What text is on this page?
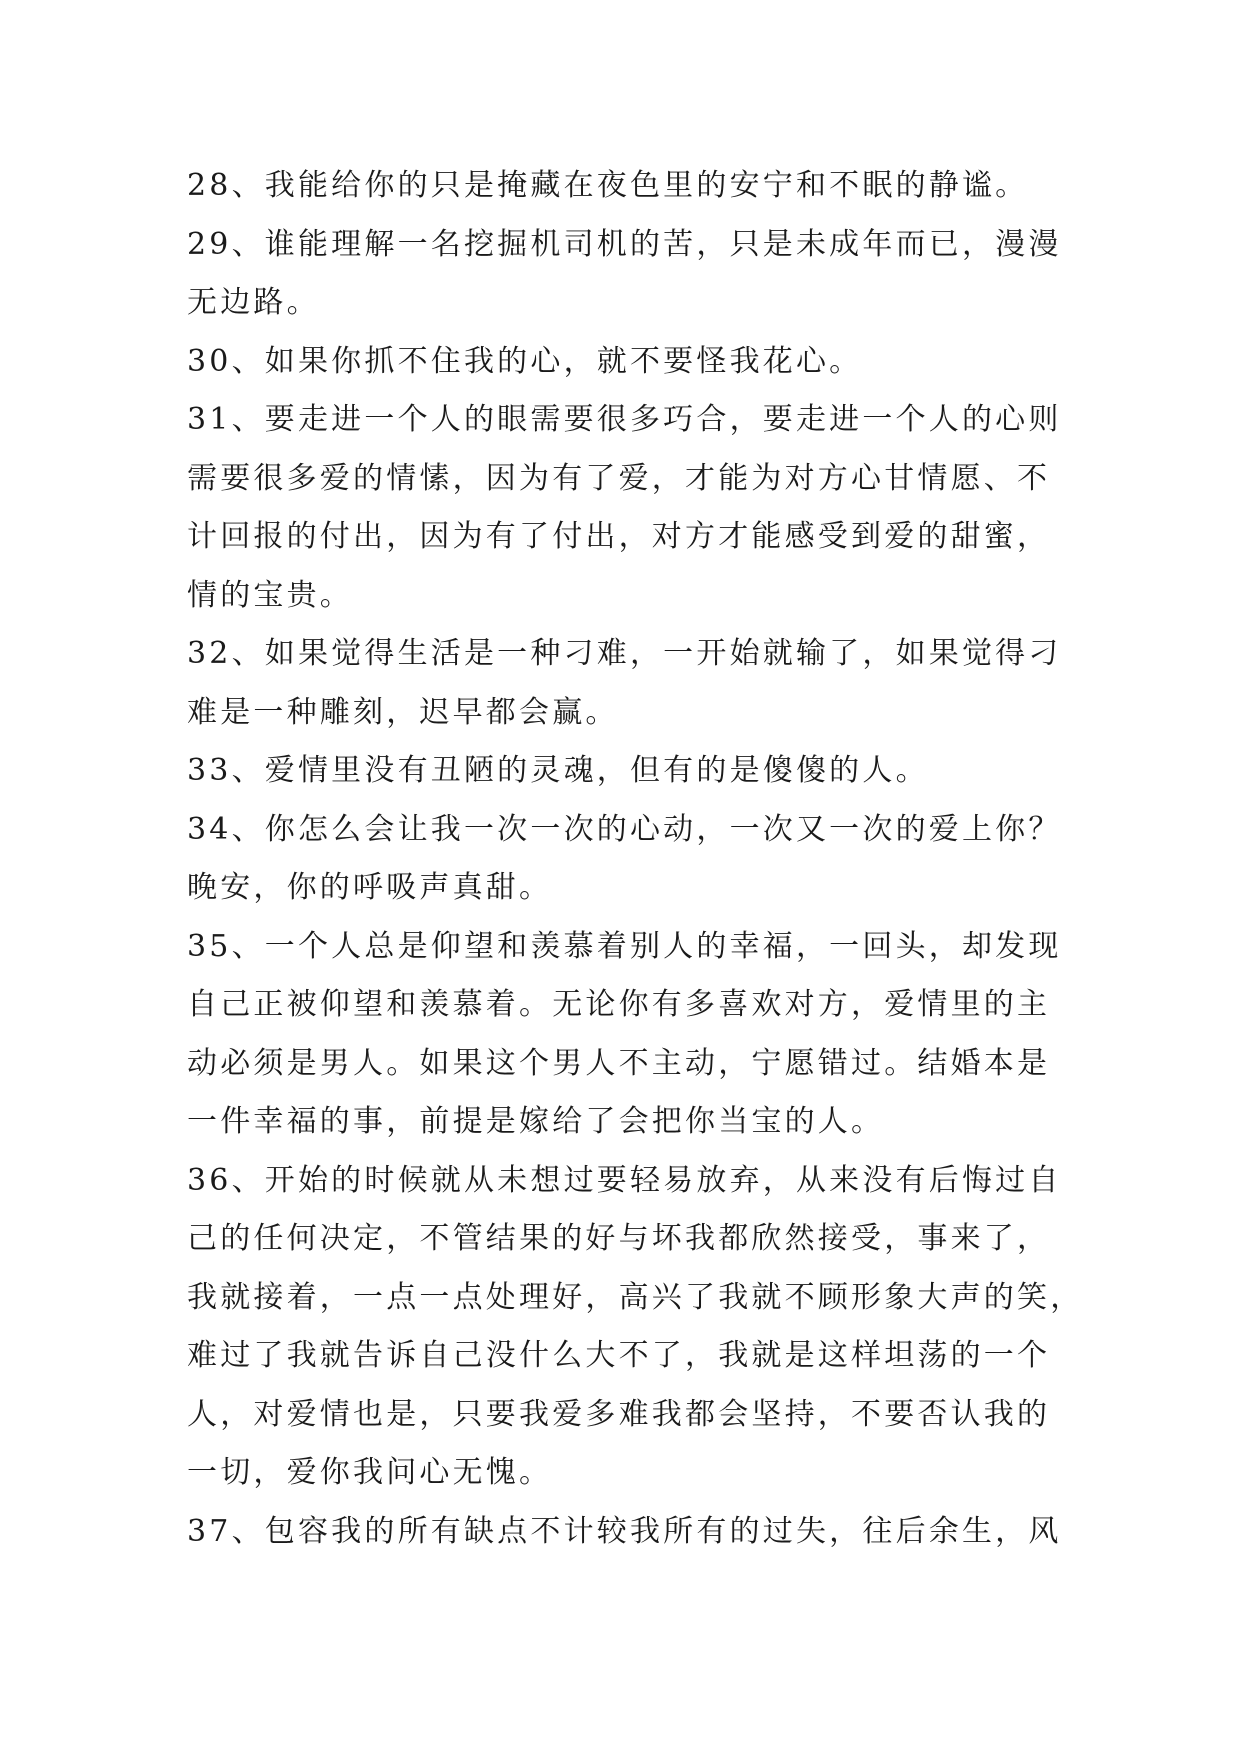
28、我能给你的只是掩藏在夜色里的安宁和不眠的静谧。
29、谁能理解一名挖掘机司机的苦，只是未成年而已，漫漫
无边路。
30、如果你抓不住我的心，就不要怪我花心。
31、要走进一个人的眼需要很多巧合，要走进一个人的心则
需要很多爱的情愫，因为有了爱，才能为对方心甘情愿、不
计回报的付出，因为有了付出，对方才能感受到爱的甜蜜，
情的宝贵。
32、如果觉得生活是一种刁难，一开始就输了，如果觉得刁
难是一种雕刻，迟早都会赢。
33、爱情里没有丑陋的灵魂，但有的是傻傻的人。
34、你怎么会让我一次一次的心动，一次又一次的爱上你？
晚安，你的呼吸声真甜。
35、一个人总是仰望和羡慕着别人的幸福，一回头，却发现
自己正被仰望和羡慕着。无论你有多喜欢对方，爱情里的主
动必须是男人。如果这个男人不主动，宁愿错过。结婚本是
一件幸福的事，前提是嫁给了会把你当宝的人。
36、开始的时候就从未想过要轻易放弃，从来没有后悔过自
己的任何决定，不管结果的好与坏我都欣然接受，事来了，
我就接着，一点一点处理好，高兴了我就不顾形象大声的笑，
难过了我就告诉自己没什么大不了，我就是这样坦荡的一个
人，对爱情也是，只要我爱多难我都会坚持，不要否认我的
一切，爱你我问心无愧。
37、包容我的所有缺点不计较我所有的过失，往后余生，风
